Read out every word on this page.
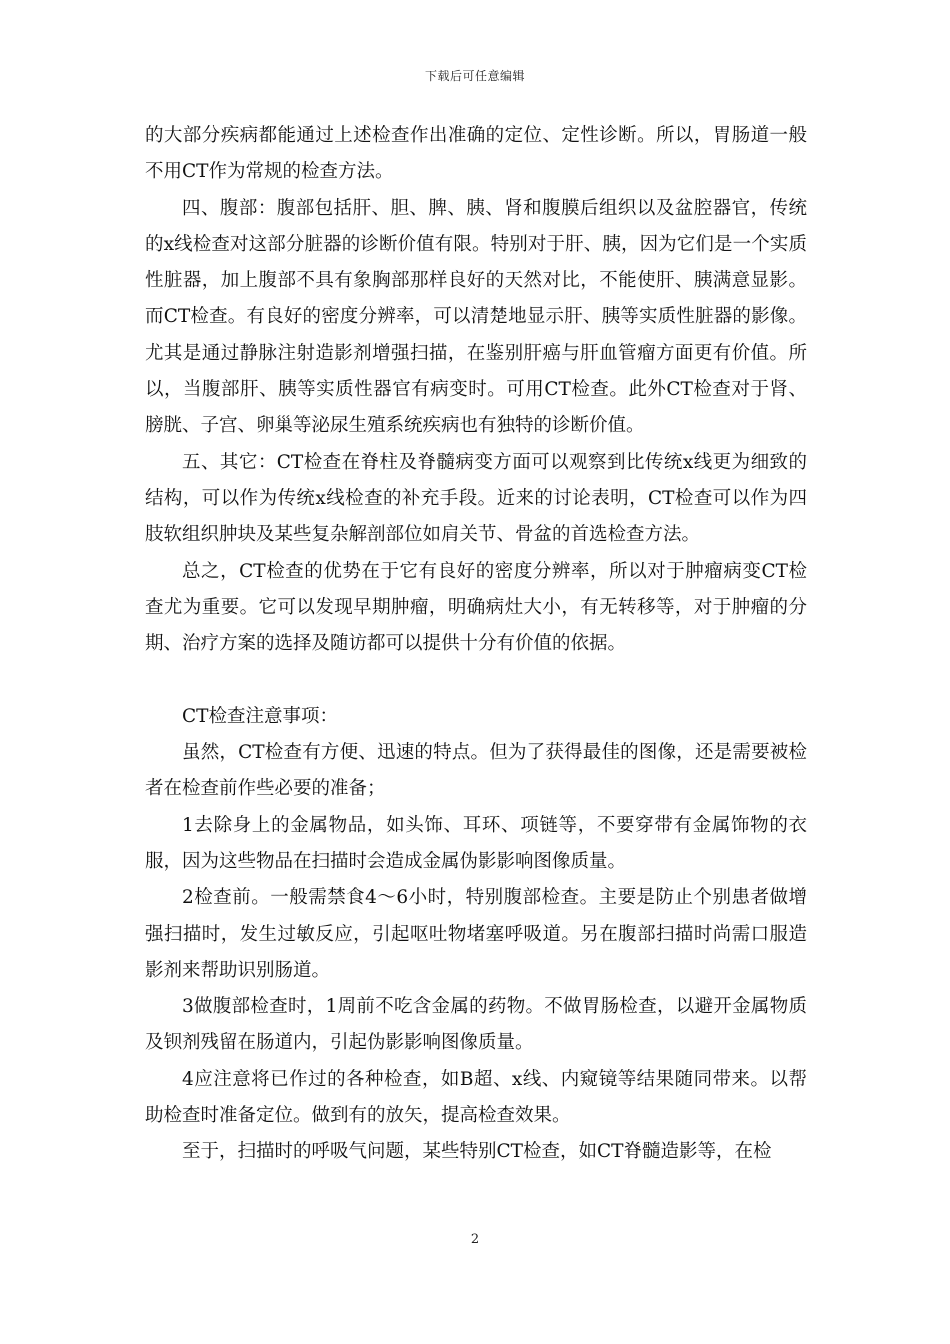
下载后可任意编辑

的大部分疾病都能通过上述检查作出准确的定位、定性诊断。所以，胃肠道一般不用CT作为常规的检查方法。

四、腹部：腹部包括肝、胆、脾、胰、肾和腹膜后组织以及盆腔器官，传统的x线检查对这部分脏器的诊断价值有限。特别对于肝、胰，因为它们是一个实质性脏器，加上腹部不具有象胸部那样良好的天然对比，不能使肝、胰满意显影。而CT检查。有良好的密度分辨率，可以清楚地显示肝、胰等实质性脏器的影像。尤其是通过静脉注射造影剂增强扫描，在鉴别肝癌与肝血管瘤方面更有价值。所以，当腹部肝、胰等实质性器官有病变时。可用CT检查。此外CT检查对于肾、膀胱、子宫、卵巢等泌尿生殖系统疾病也有独特的诊断价值。

五、其它：CT检查在脊柱及脊髓病变方面可以观察到比传统x线更为细致的结构，可以作为传统x线检查的补充手段。近来的讨论表明，CT检查可以作为四肢软组织肿块及某些复杂解剖部位如肩关节、骨盆的首选检查方法。

总之，CT检查的优势在于它有良好的密度分辨率，所以对于肿瘤病变CT检查尤为重要。它可以发现早期肿瘤，明确病灶大小，有无转移等，对于肿瘤的分期、治疗方案的选择及随访都可以提供十分有价值的依据。

CT检查注意事项：

虽然，CT检查有方便、迅速的特点。但为了获得最佳的图像，还是需要被检者在检查前作些必要的准备；

1去除身上的金属物品，如头饰、耳环、项链等，不要穿带有金属饰物的衣服，因为这些物品在扫描时会造成金属伪影影响图像质量。

2检查前。一般需禁食4～6小时，特别腹部检查。主要是防止个别患者做增强扫描时，发生过敏反应，引起呕吐物堵塞呼吸道。另在腹部扫描时尚需口服造影剂来帮助识别肠道。

3做腹部检查时，1周前不吃含金属的药物。不做胃肠检查，以避开金属物质及钡剂残留在肠道内，引起伪影影响图像质量。

4应注意将已作过的各种检查，如B超、x线、内窥镜等结果随同带来。以帮助检查时准备定位。做到有的放矢，提高检查效果。

至于，扫描时的呼吸气问题，某些特别CT检查，如CT脊髓造影等，在检

2
